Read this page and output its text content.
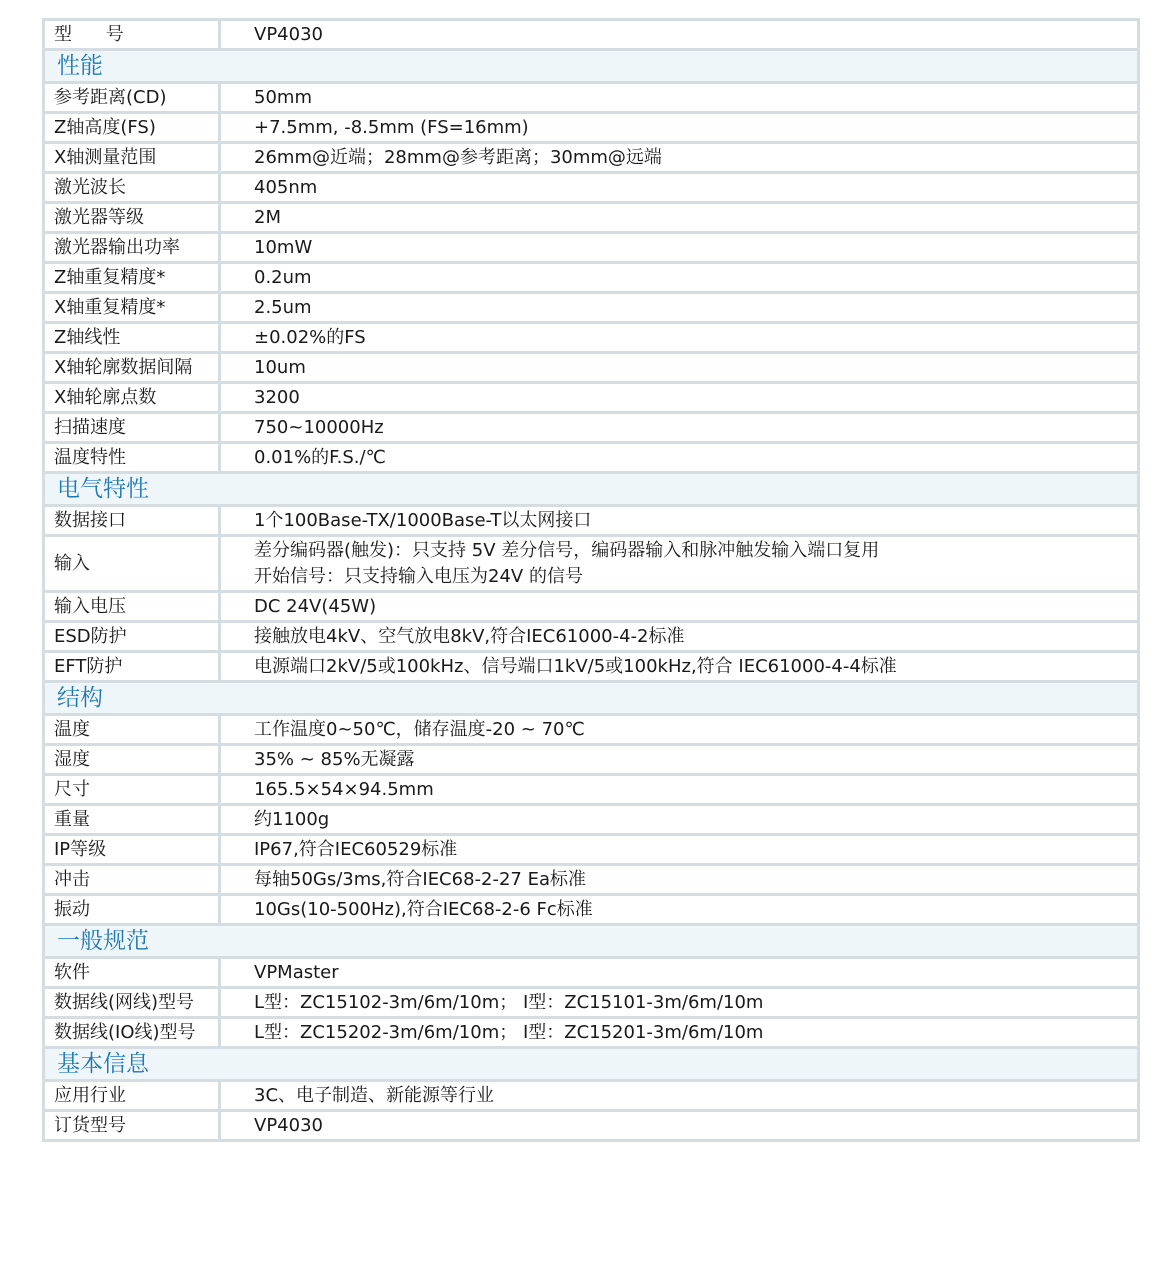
型 号	VP4030
性能	
参考距离(CD)	50mm

Z轴高度(FS)	+7.5mm, -8.5mm (FS=16mm)

X轴测量范围	26mm@近端；28mm@参考距离；30mm@远端

激光波长	405nm

激光器等级	2M

激光器输出功率	10mW

Z轴重复精度*	0.2um

X轴重复精度*	2.5um

Z轴线性	±0.02%的FS

X轴轮廓数据间隔	10um

X轴轮廓点数	3200

扫描速度	750~10000Hz

温度特性	0.01%的F.S./℃

电气特性	
数据接口	1个100Base-TX/1000Base-T以太网接口

输入	差分编码器(触发)：只支持 5V 差分信号，编码器输入和脉冲触发输入端口复用
开始信号：只支持输入电压为24V 的信号

输入电压	DC 24V(45W)

ESD防护	接触放电4kV、空气放电8kV,符合IEC61000-4-2标准

EFT防护	电源端口2kV/5或100kHz、信号端口1kV/5或100kHz,符合 IEC61000-4-4标准

结构	
温度	工作温度0~50℃，储存温度-20 ~ 70℃

湿度	35% ~ 85%无凝露

尺寸	165.5×54×94.5mm

重量	约1100g

IP等级	IP67,符合IEC60529标准

冲击	每轴50Gs/3ms,符合IEC68-2-27 Ea标准

振动	10Gs(10-500Hz),符合IEC68-2-6 Fc标准

一般规范	
软件	VPMaster

数据线(网线)型号	L型：ZC15102-3m/6m/10m； I型：ZC15101-3m/6m/10m

数据线(IO线)型号	L型：ZC15202-3m/6m/10m； I型：ZC15201-3m/6m/10m

基本信息	
应用行业	3C、电子制造、新能源等行业

订货型号	VP4030
